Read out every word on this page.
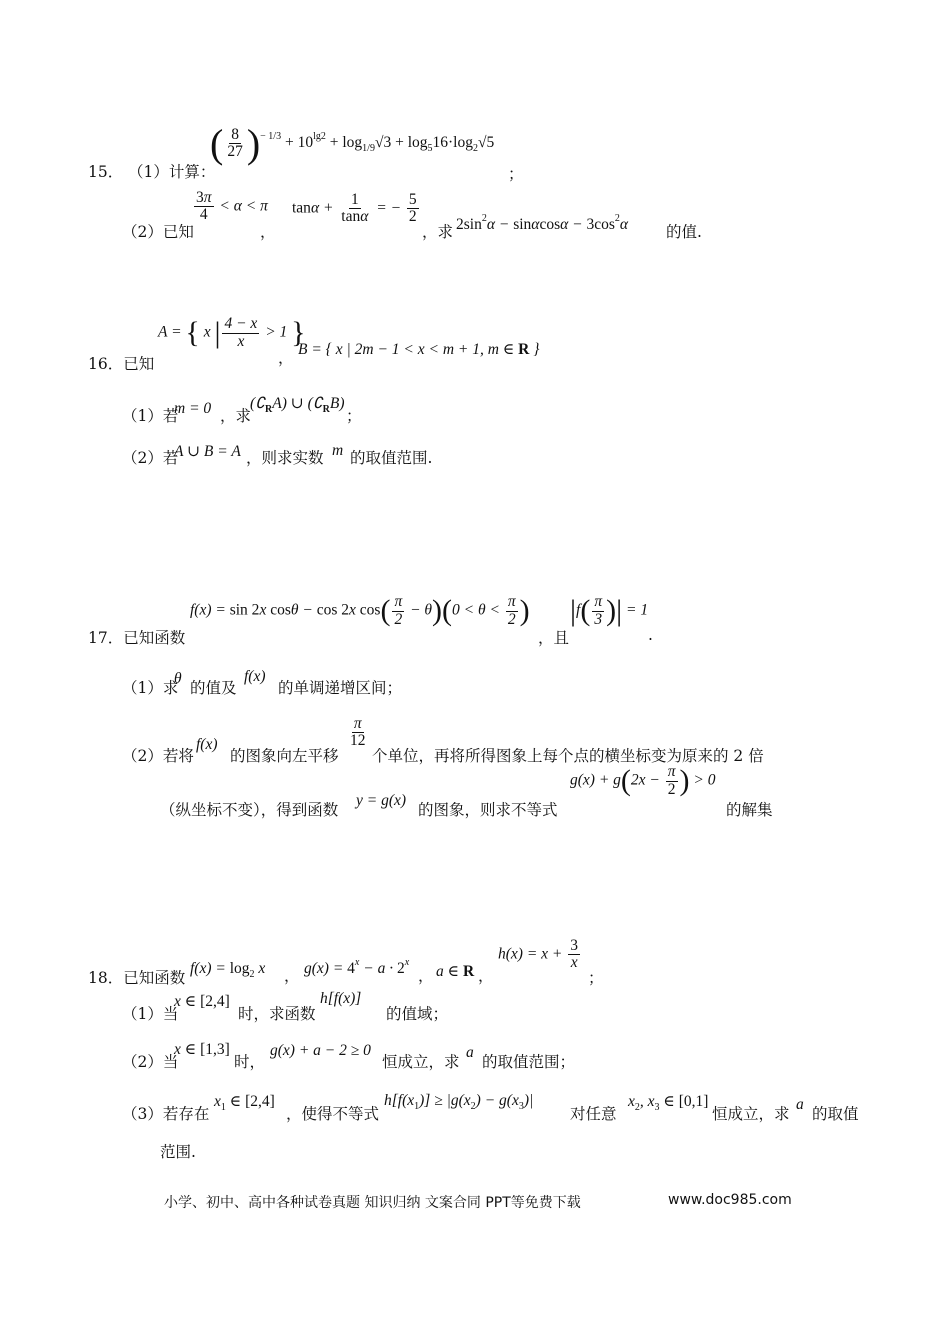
15． （1）计算：
( $\frac{8}{27} )^{- 1/3} + 10^{lg2} + \log_{1/9}√3 + \log_516\cdot\log_2√5$
；
（2）已知
$\frac{3\pi}{4} < \alpha < \pi$
，
$\tan\alpha + \frac{1}{\tan\alpha}$ = − $\frac{5}{2}$
，求 $2\sin^2\alpha - \sin\alpha\cos\alpha - 3\cos^2\alpha$ 的值.
16．已知
A = { x | $\frac{4 - x}{x} > 1$ }
， B = { x | 2m − 1 < x < m + 1, m ∈ R }
（1）若
m = 0 ，求
$(∁_RA)$ ∪ $(∁_RB)$
；
（2）若
A ∪ B = A ，则求实数 m 的取值范围.
17．已知函数
f(x) = sin 2x cosθ − cos 2x $\cos( \frac{\pi}{2} - \theta)(0 < \theta < \frac{\pi}{2}$ )
，且
$|f( \frac{\pi}{3}$ )| = 1
.
（1）求
θ
的值及
f(x)
的单调递增区间；
（2）若将
f(x)
的图象向左平移
$\frac{\pi}{12}$
个单位，再将所得图象上每个点的横坐标变为原来的 2 倍
（纵坐标不变），得到函数
y = g(x)
的图象，则求不等式
$g(x) + g(2x - \frac{\pi}{2}$ ) > 0
的解集
18．已知函数
$f(x) = \log_2 x$ ， $g(x) = 4^x - a \cdot 2^x$
， a ∈ R ，
$h(x) = x + \frac{3}{x}$
；
（1）当
x ∈ [2,4]
时，求函数
h[f(x)]
的值域；
（2）当
x ∈ [1,3]
时，
g(x) + a − 2 ≥ 0
恒成立，求
a
的取值范围；
（3）若存在
$x_1$ ∈ [2,4]
，使得不等式
$h[f(x_1)] \ge |g(x_2) - g(x_3)|$
对任意
$x_2$, $x_3$ ∈ [0,1]
恒成立，求
a
的取值
范围.
小学、初中、高中各种试卷真题 知识归纳 文案合同 PPT等免费下载	www.doc985.com
